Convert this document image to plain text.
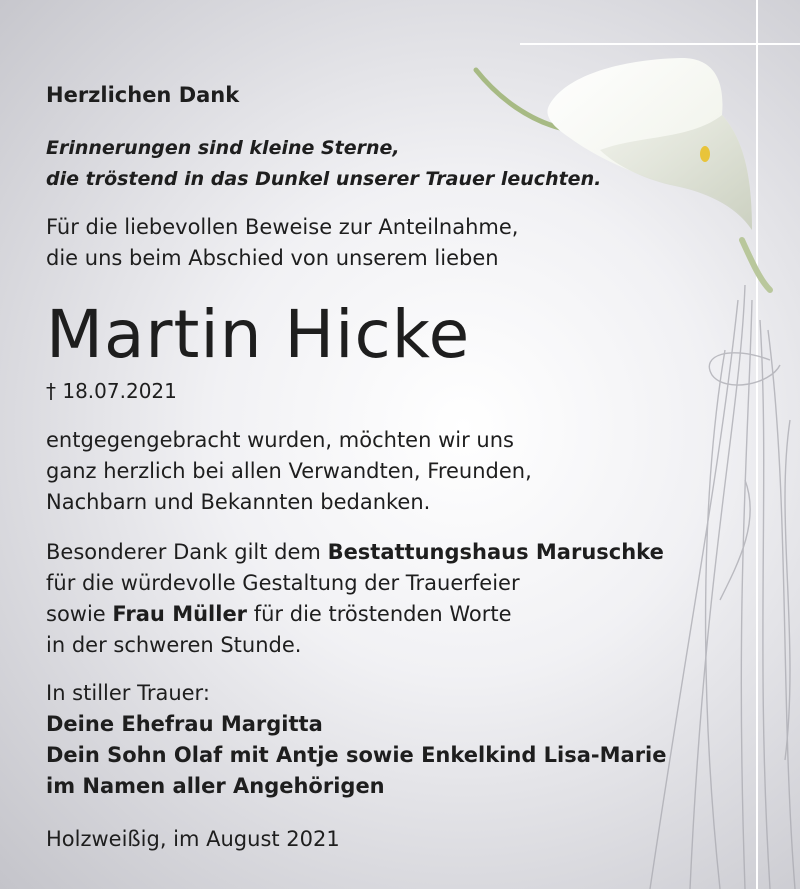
Herzlichen Dank
Erinnerungen sind kleine Sterne,
die tröstend in das Dunkel unserer Trauer leuchten.
Für die liebevollen Beweise zur Anteilnahme,
die uns beim Abschied von unserem lieben
Martin Hicke
† 18.07.2021
entgegengebracht wurden, möchten wir uns
ganz herzlich bei allen Verwandten, Freunden,
Nachbarn und Bekannten bedanken.
Besonderer Dank gilt dem Bestattungshaus Maruschke
für die würdevolle Gestaltung der Trauerfeier
sowie Frau Müller für die tröstenden Worte
in der schweren Stunde.
In stiller Trauer:
Deine Ehefrau Margitta
Dein Sohn Olaf mit Antje sowie Enkelkind Lisa-Marie
im Namen aller Angehörigen
Holzweißig, im August 2021
